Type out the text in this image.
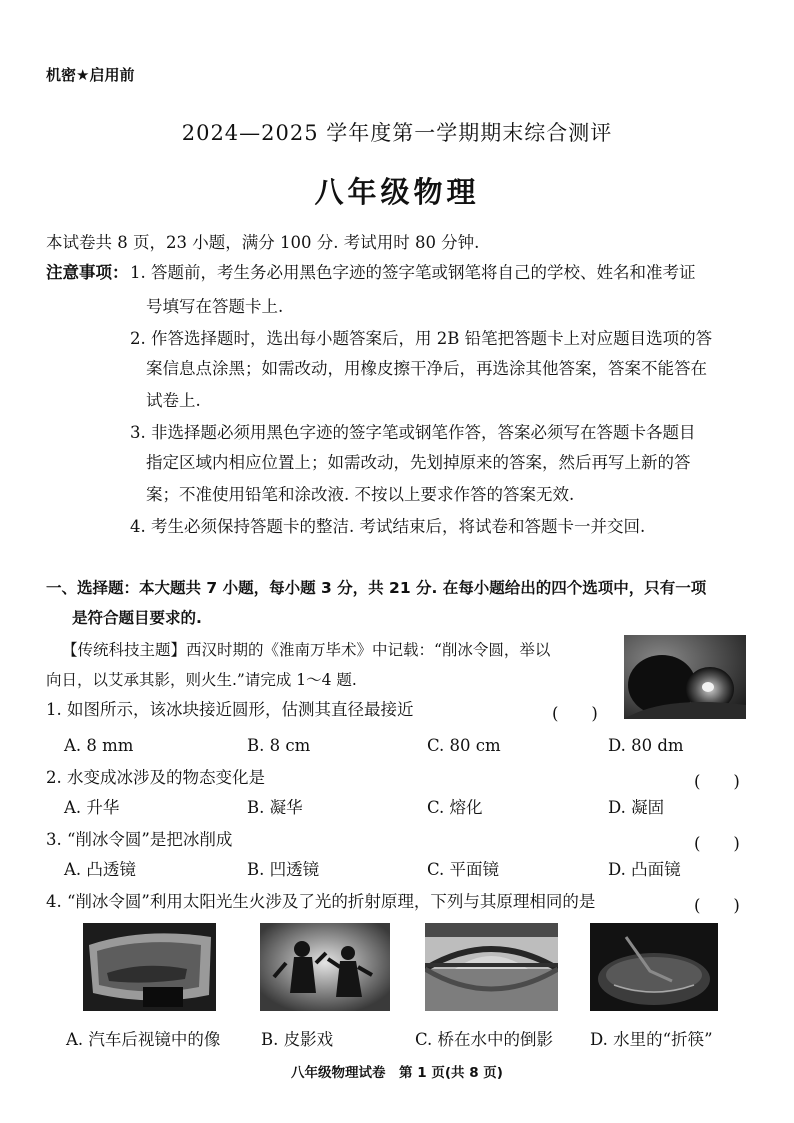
机密★启用前
2024—2025 学年度第一学期期末综合测评
八年级物理
本试卷共 8 页，23 小题，满分 100 分. 考试用时 80 分钟.
注意事项： 1. 答题前，考生务必用黑色字迹的签字笔或钢笔将自己的学校、姓名和准考证
号填写在答题卡上.
2. 作答选择题时，选出每小题答案后，用 2B 铅笔把答题卡上对应题目选项的答
案信息点涂黑；如需改动，用橡皮擦干净后，再选涂其他答案，答案不能答在
试卷上.
3. 非选择题必须用黑色字迹的签字笔或钢笔作答，答案必须写在答题卡各题目
指定区域内相应位置上；如需改动，先划掉原来的答案，然后再写上新的答
案；不准使用铅笔和涂改液. 不按以上要求作答的答案无效.
4. 考生必须保持答题卡的整洁. 考试结束后，将试卷和答题卡一并交回.
一、选择题：本大题共 7 小题，每小题 3 分，共 21 分. 在每小题给出的四个选项中，只有一项
是符合题目要求的.
【传统科技主题】西汉时期的《淮南万毕术》中记载：“削冰令圆，举以
向日，以艾承其影，则火生.”请完成 1～4 题.
1. 如图所示，该冰块接近圆形，估测其直径最接近	(　　)
A. 8 mm	B. 8 cm	C. 80 cm	D. 80 dm
2. 水变成冰涉及的物态变化是	(　　)
A. 升华	B. 凝华	C. 熔化	D. 凝固
3. “削冰令圆”是把冰削成	(　　)
A. 凸透镜	B. 凹透镜	C. 平面镜	D. 凸面镜
4. “削冰令圆”利用太阳光生火涉及了光的折射原理，下列与其原理相同的是	(　　)
A. 汽车后视镜中的像 B. 皮影戏	C. 桥在水中的倒影 D. 水里的“折筷”
八年级物理试卷　第 1 页(共 8 页)
